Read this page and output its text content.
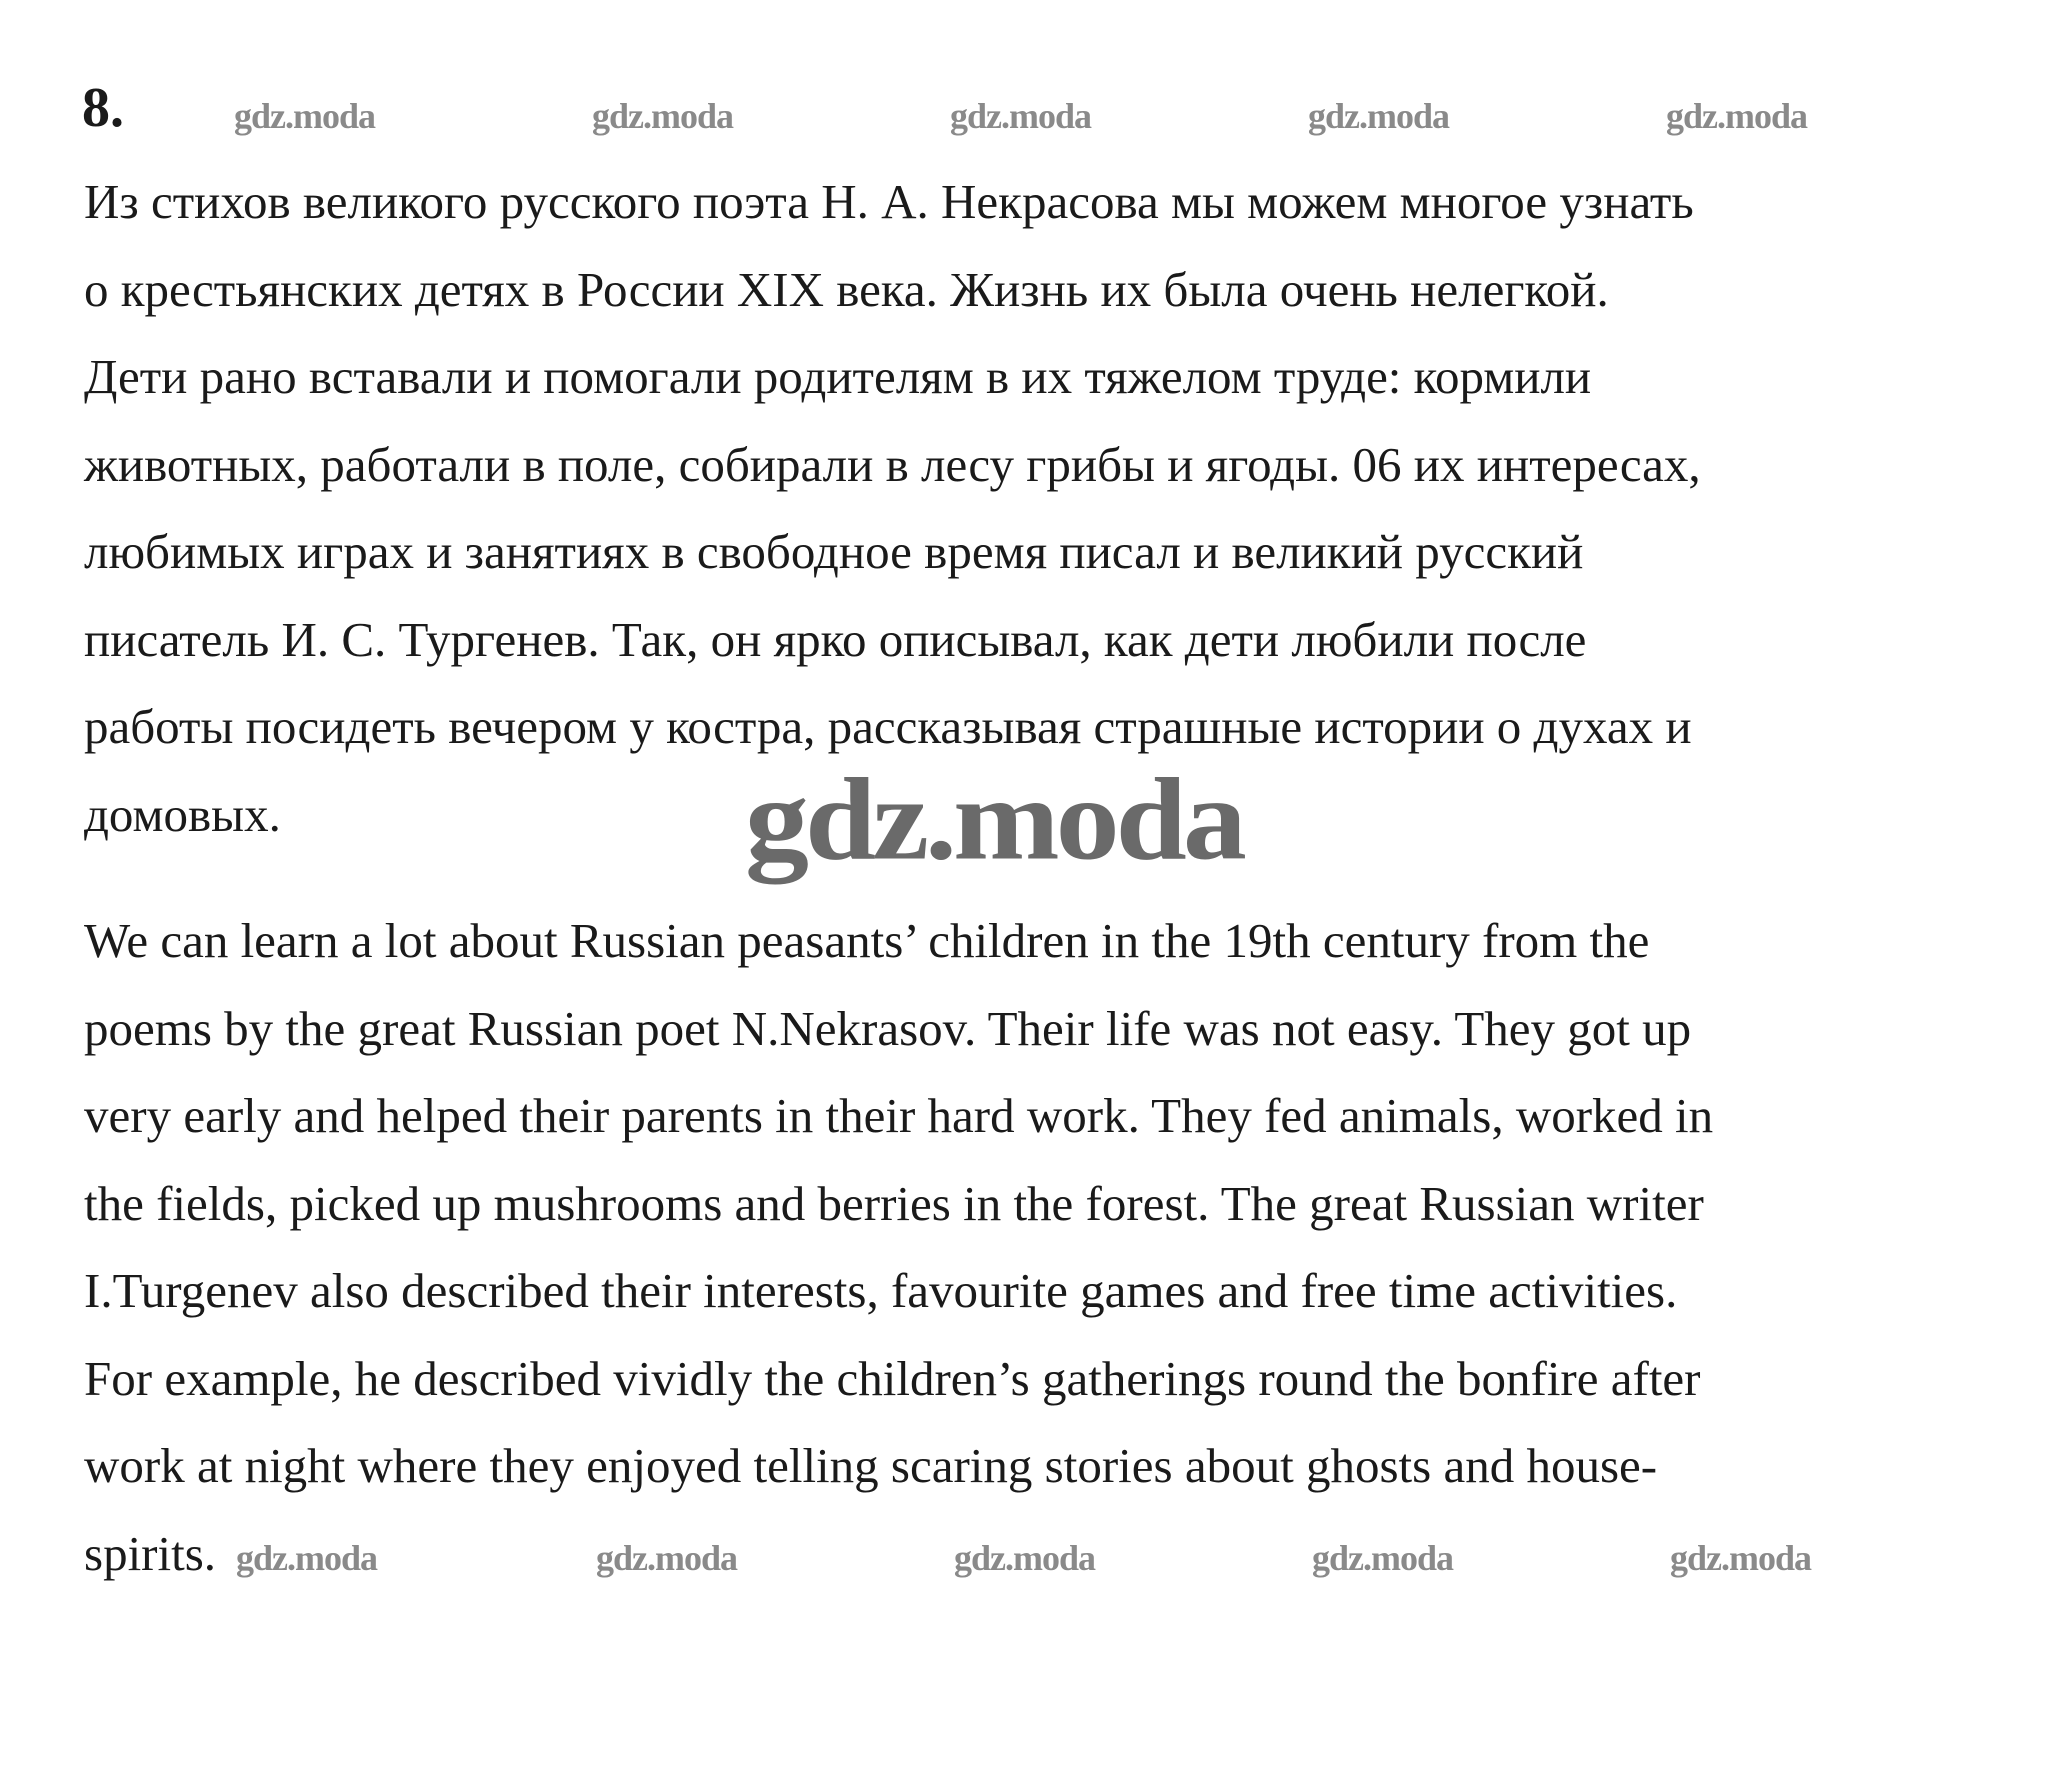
8.	gdz.moda	gdz.moda	gdz.moda	gdz.moda	gdz.moda
Из стихов великого русского поэта Н. А. Некрасова мы можем многое узнать
о крестьянских детях в России XIX века. Жизнь их была очень нелегкой.
Дети рано вставали и помогали родителям в их тяжелом труде: кормили
животных, работали в поле, собирали в лесу грибы и ягоды. 06 их интересах,
любимых играх и занятиях в свободное время писал и великий русский
писатель И. С. Тургенев. Так, он ярко описывал, как дети любили после
работы посидеть вечером у костра, рассказывая страшные истории о духах и
домовых.	gdz.moda
We can learn a lot about Russian peasants’ children in the 19th century from the
poems by the great Russian poet N.Nekrasov. Their life was not easy. They got up
very early and helped their parents in their hard work. They fed animals, worked in
the fields, picked up mushrooms and berries in the forest. The great Russian writer
I.Turgenev also described their interests, favourite games and free time activities.
For example, he described vividly the children’s gatherings round the bonfire after
work at night where they enjoyed telling scaring stories about ghosts and house-
spirits. gdz.moda	gdz.moda	gdz.moda	gdz.moda	gdz.moda
